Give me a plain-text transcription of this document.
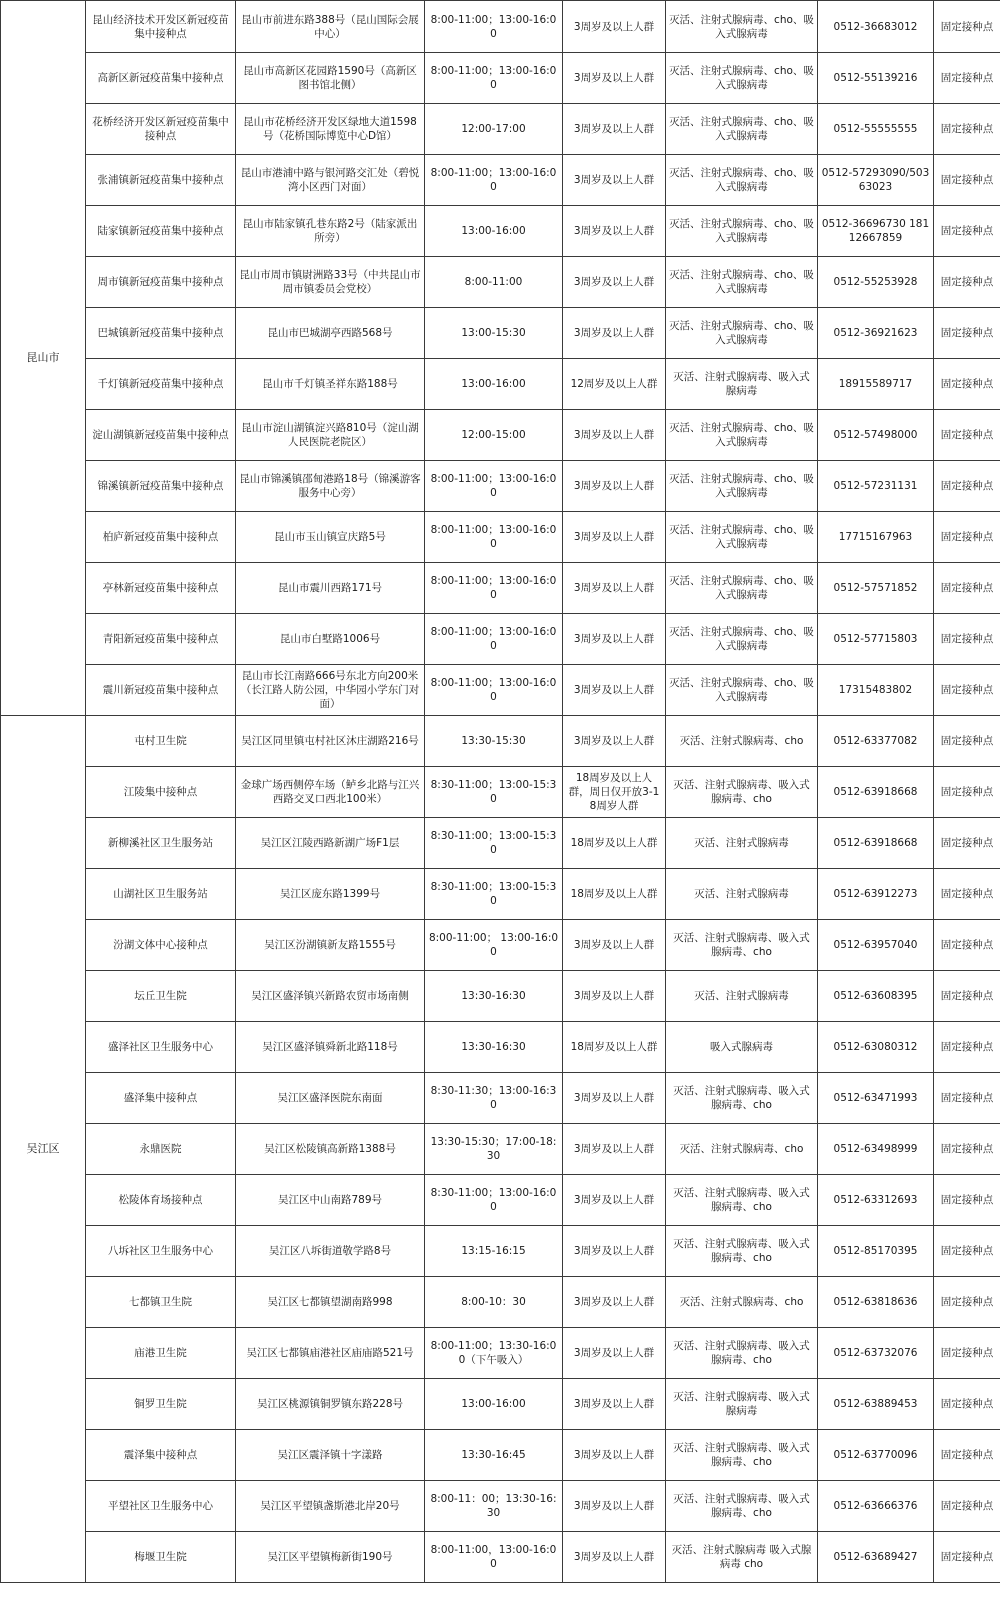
昆山市	昆山经济技术开发区新冠疫苗集中接种点	昆山市前进东路388号（昆山国际会展中心）	8:00-11:00；13:00-16:00	3周岁及以上人群	灭活、注射式腺病毒、cho、吸入式腺病毒	0512-36683012	固定接种点
	高新区新冠疫苗集中接种点	昆山市高新区花园路1590号（高新区图书馆北侧）	8:00-11:00；13:00-16:00	3周岁及以上人群	灭活、注射式腺病毒、cho、吸入式腺病毒	0512-55139216	固定接种点
	花桥经济开发区新冠疫苗集中接种点	昆山市花桥经济开发区绿地大道1598号（花桥国际博览中心D馆）	12:00-17:00	3周岁及以上人群	灭活、注射式腺病毒、cho、吸入式腺病毒	0512-55555555	固定接种点
	张浦镇新冠疫苗集中接种点	昆山市港浦中路与银河路交汇处（碧悦湾小区西门对面）	8:00-11:00；13:00-16:00	3周岁及以上人群	灭活、注射式腺病毒、cho、吸入式腺病毒	0512-57293090/50363023	固定接种点
	陆家镇新冠疫苗集中接种点	昆山市陆家镇孔巷东路2号（陆家派出所旁）	13:00-16:00	3周岁及以上人群	灭活、注射式腺病毒、cho、吸入式腺病毒	0512-36696730 18112667859	固定接种点
	周市镇新冠疫苗集中接种点	昆山市周市镇尉洲路33号（中共昆山市周市镇委员会党校）	8:00-11:00	3周岁及以上人群	灭活、注射式腺病毒、cho、吸入式腺病毒	0512-55253928	固定接种点
	巴城镇新冠疫苗集中接种点	昆山市巴城湖亭西路568号	13:00-15:30	3周岁及以上人群	灭活、注射式腺病毒、cho、吸入式腺病毒	0512-36921623	固定接种点
	千灯镇新冠疫苗集中接种点	昆山市千灯镇圣祥东路188号	13:00-16:00	12周岁及以上人群	灭活、注射式腺病毒、吸入式腺病毒	18915589717	固定接种点
	淀山湖镇新冠疫苗集中接种点	昆山市淀山湖镇淀兴路810号（淀山湖人民医院老院区）	12:00-15:00	3周岁及以上人群	灭活、注射式腺病毒、cho、吸入式腺病毒	0512-57498000	固定接种点
	锦溪镇新冠疫苗集中接种点	昆山市锦溪镇邵甸港路18号（锦溪游客服务中心旁）	8:00-11:00；13:00-16:00	3周岁及以上人群	灭活、注射式腺病毒、cho、吸入式腺病毒	0512-57231131	固定接种点
	柏庐新冠疫苗集中接种点	昆山市玉山镇宣庆路5号	8:00-11:00；13:00-16:00	3周岁及以上人群	灭活、注射式腺病毒、cho、吸入式腺病毒	17715167963	固定接种点
	亭林新冠疫苗集中接种点	昆山市震川西路171号	8:00-11:00；13:00-16:00	3周岁及以上人群	灭活、注射式腺病毒、cho、吸入式腺病毒	0512-57571852	固定接种点
	青阳新冠疫苗集中接种点	昆山市白墅路1006号	8:00-11:00；13:00-16:00	3周岁及以上人群	灭活、注射式腺病毒、cho、吸入式腺病毒	0512-57715803	固定接种点
	震川新冠疫苗集中接种点	昆山市长江南路666号东北方向200米（长江路人防公园，中华园小学东门对面）	8:00-11:00；13:00-16:00	3周岁及以上人群	灭活、注射式腺病毒、cho、吸入式腺病毒	17315483802	固定接种点
吴江区	屯村卫生院	吴江区同里镇屯村社区沐庄湖路216号	13:30-15:30	3周岁及以上人群	灭活、注射式腺病毒、cho	0512-63377082	固定接种点
	江陵集中接种点	金球广场西侧停车场（鲈乡北路与江兴西路交叉口西北100米）	8:30-11:00；13:00-15:30	18周岁及以上人群，周日仅开放3-18周岁人群	灭活、注射式腺病毒、吸入式腺病毒、cho	0512-63918668	固定接种点
	新柳溪社区卫生服务站	吴江区江陵西路新湖广场F1层	8:30-11:00；13:00-15:30	18周岁及以上人群	灭活、注射式腺病毒	0512-63918668	固定接种点
	山湖社区卫生服务站	吴江区庞东路1399号	8:30-11:00；13:00-15:30	18周岁及以上人群	灭活、注射式腺病毒	0512-63912273	固定接种点
	汾湖文体中心接种点	吴江区汾湖镇新友路1555号	8:00-11:00； 13:00-16:00	3周岁及以上人群	灭活、注射式腺病毒、吸入式腺病毒、cho	0512-63957040	固定接种点
	坛丘卫生院	吴江区盛泽镇兴新路农贸市场南侧	13:30-16:30	3周岁及以上人群	灭活、注射式腺病毒	0512-63608395	固定接种点
	盛泽社区卫生服务中心	吴江区盛泽镇舜新北路118号	13:30-16:30	18周岁及以上人群	吸入式腺病毒	0512-63080312	固定接种点
	盛泽集中接种点	吴江区盛泽医院东南面	8:30-11:30；13:00-16:30	3周岁及以上人群	灭活、注射式腺病毒、吸入式腺病毒、cho	0512-63471993	固定接种点
	永鼎医院	吴江区松陵镇高新路1388号	13:30-15:30；17:00-18:30	3周岁及以上人群	灭活、注射式腺病毒、cho	0512-63498999	固定接种点
	松陵体育场接种点	吴江区中山南路789号	8:30-11:00；13:00-16:00	3周岁及以上人群	灭活、注射式腺病毒、吸入式腺病毒、cho	0512-63312693	固定接种点
	八坼社区卫生服务中心	吴江区八坼街道敬学路8号	13:15-16:15	3周岁及以上人群	灭活、注射式腺病毒、吸入式腺病毒、cho	0512-85170395	固定接种点
	七都镇卫生院	吴江区七都镇望湖南路998	8:00-10：30	3周岁及以上人群	灭活、注射式腺病毒、cho	0512-63818636	固定接种点
	庙港卫生院	吴江区七都镇庙港社区庙庙路521号	8:00-11:00；13:30-16:00（下午吸入）	3周岁及以上人群	灭活、注射式腺病毒、吸入式腺病毒、cho	0512-63732076	固定接种点
	铜罗卫生院	吴江区桃源镇铜罗镇东路228号	13:00-16:00	3周岁及以上人群	灭活、注射式腺病毒、吸入式腺病毒	0512-63889453	固定接种点
	震泽集中接种点	吴江区震泽镇十字漾路	13:30-16:45	3周岁及以上人群	灭活、注射式腺病毒、吸入式腺病毒、cho	0512-63770096	固定接种点
	平望社区卫生服务中心	吴江区平望镇盏斯港北岸20号	8:00-11：00；13:30-16:30	3周岁及以上人群	灭活、注射式腺病毒、吸入式腺病毒、cho	0512-63666376	固定接种点
	梅堰卫生院	吴江区平望镇梅新街190号	8:00-11:00，13:00-16:00	3周岁及以上人群	灭活、注射式腺病毒 吸入式腺病毒 cho	0512-63689427	固定接种点
